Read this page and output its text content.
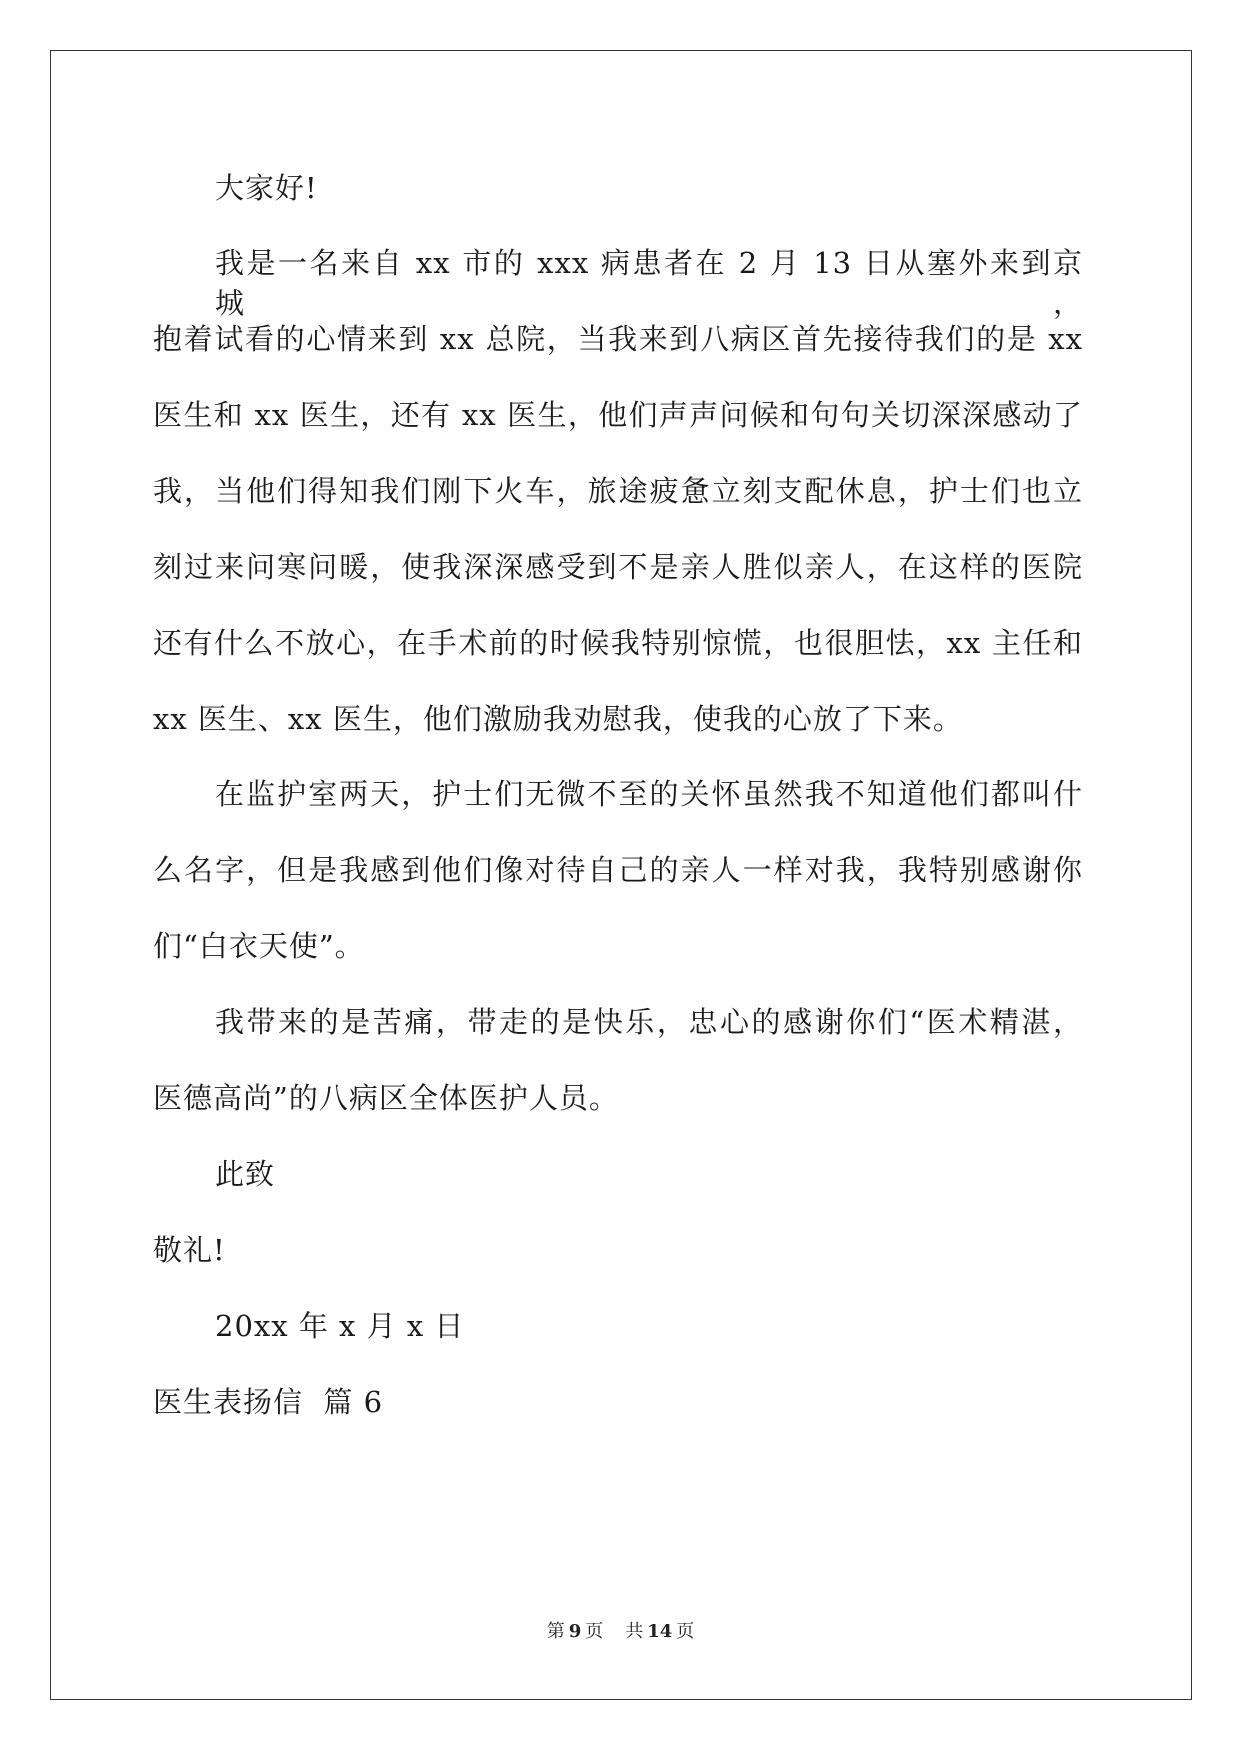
大家好!
我是一名来自 xx 市的 xxx 病患者在 2 月 13 日从塞外来到京城，
抱着试看的心情来到 xx 总院，当我来到八病区首先接待我们的是 xx
医生和 xx 医生，还有 xx 医生，他们声声问候和句句关切深深感动了
我，当他们得知我们刚下火车，旅途疲惫立刻支配休息，护士们也立
刻过来问寒问暖，使我深深感受到不是亲人胜似亲人，在这样的医院
还有什么不放心，在手术前的时候我特别惊慌，也很胆怯，xx 主任和
xx 医生、xx 医生，他们激励我劝慰我，使我的心放了下来。
在监护室两天，护士们无微不至的关怀虽然我不知道他们都叫什
么名字，但是我感到他们像对待自己的亲人一样对我，我特别感谢你
们“白衣天使”。
我带来的是苦痛，带走的是快乐，忠心的感谢你们“医术精湛，
医德高尚”的八病区全体医护人员。
此致
敬礼!
20xx 年 x 月 x 日
医生表扬信  篇 6
第 9 页 共 14 页
